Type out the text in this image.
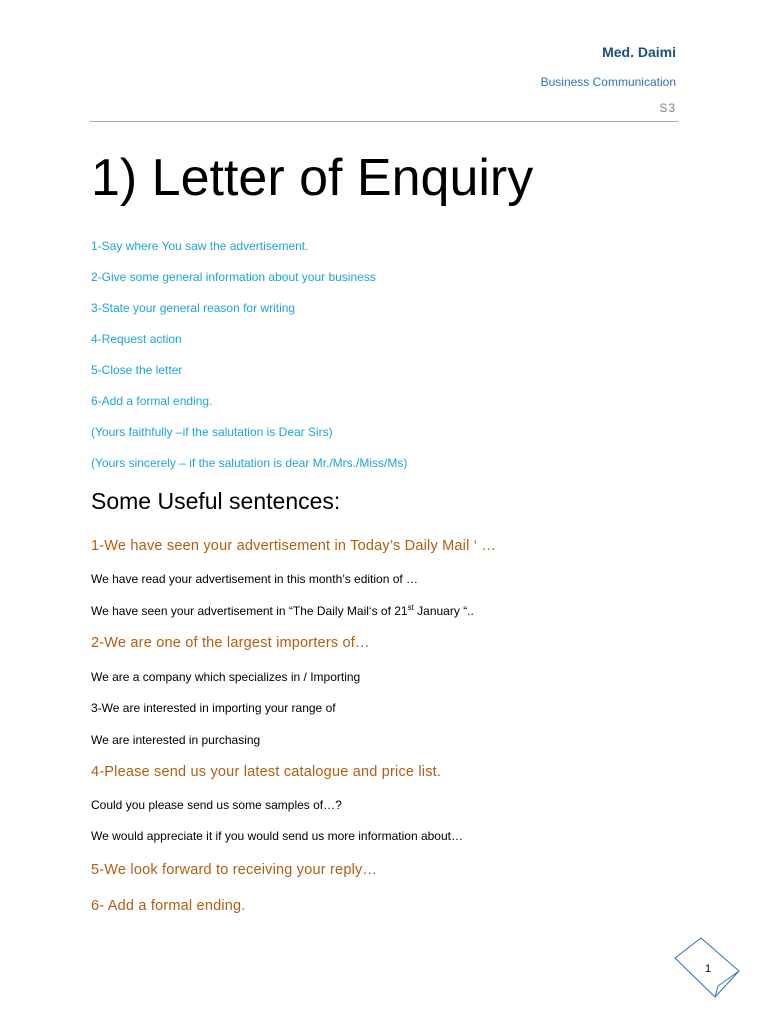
Med. Daimi
Business Communication
S3
1) Letter of Enquiry
1-Say where You saw the advertisement.
2-Give some general information about your business
3-State your general reason for writing
4-Request action
5-Close the letter
6-Add a formal ending.
(Yours faithfully –if the salutation is Dear Sirs)
(Yours sincerely – if the salutation is dear Mr./Mrs./Miss/Ms)
Some Useful sentences:
1-We have seen your advertisement in Today’s Daily Mail ‘ …
We have read your advertisement in this month’s edition of …
We have seen your advertisement in “The Daily Mail‘s of 21st January “..
2-We are one of the largest importers of…
We are a company which specializes in / Importing
3-We are interested in importing your range of
We are interested in purchasing
4-Please send us your latest catalogue and price list.
Could you please send us some samples of…?
We would appreciate it if you would send us more information about…
5-We look forward to receiving your reply…
6- Add a formal ending.
1
